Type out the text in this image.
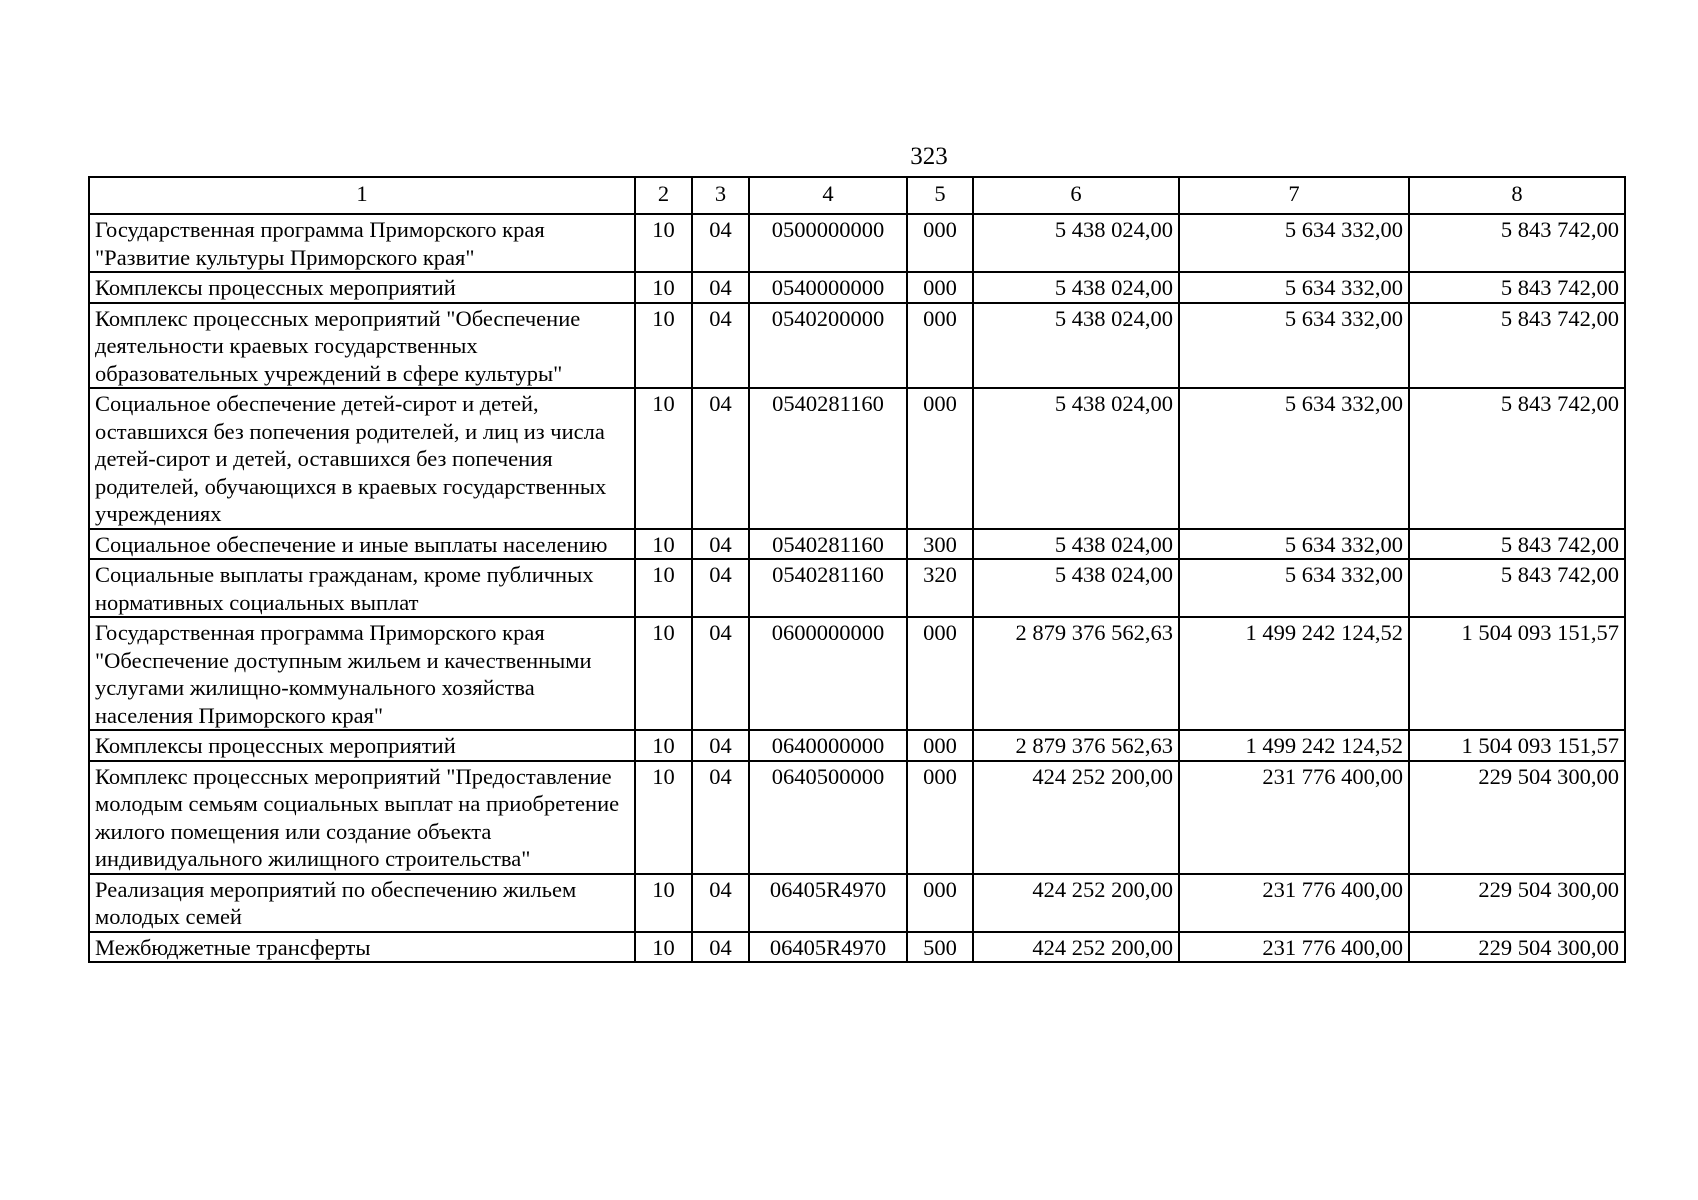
323
1	2	3	4	5	6	7	8
Государственная программа Приморского края "Развитие культуры Приморского края"	10	04	0500000000	000	5 438 024,00	5 634 332,00	5 843 742,00
Комплексы процессных мероприятий	10	04	0540000000	000	5 438 024,00	5 634 332,00	5 843 742,00
Комплекс процессных мероприятий "Обеспечение деятельности краевых государственных образовательных учреждений в сфере культуры"	10	04	0540200000	000	5 438 024,00	5 634 332,00	5 843 742,00
Социальное обеспечение детей-сирот и детей, оставшихся без попечения родителей, и лиц из числа детей-сирот и детей, оставшихся без попечения родителей, обучающихся в краевых государственных учреждениях	10	04	0540281160	000	5 438 024,00	5 634 332,00	5 843 742,00
Социальное обеспечение и иные выплаты населению	10	04	0540281160	300	5 438 024,00	5 634 332,00	5 843 742,00
Социальные выплаты гражданам, кроме публичных нормативных социальных выплат	10	04	0540281160	320	5 438 024,00	5 634 332,00	5 843 742,00
Государственная программа Приморского края "Обеспечение доступным жильем и качественными услугами жилищно-коммунального хозяйства населения Приморского края"	10	04	0600000000	000	2 879 376 562,63	1 499 242 124,52	1 504 093 151,57
Комплексы процессных мероприятий	10	04	0640000000	000	2 879 376 562,63	1 499 242 124,52	1 504 093 151,57
Комплекс процессных мероприятий "Предоставление молодым семьям социальных выплат на приобретение жилого помещения или создание объекта индивидуального жилищного строительства"	10	04	0640500000	000	424 252 200,00	231 776 400,00	229 504 300,00
Реализация мероприятий по обеспечению жильем молодых семей	10	04	06405R4970	000	424 252 200,00	231 776 400,00	229 504 300,00
Межбюджетные трансферты	10	04	06405R4970	500	424 252 200,00	231 776 400,00	229 504 300,00
